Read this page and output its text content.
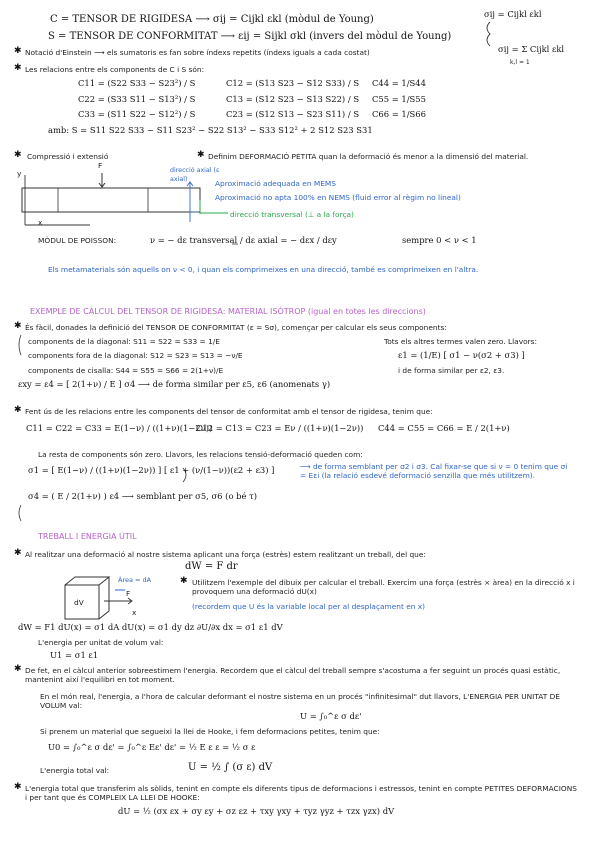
C = TENSOR DE RIGIDESA ⟶ σij = Cijkl εkl (mòdul de Young)
S = TENSOR DE CONFORMITAT ⟶ εij = Sijkl σkl (invers del mòdul de Young)
σij = Cijkl εkl
σij = Σ Cijkl εkl
k,l = 1
✱ Notació d'Einstein ⟶ els sumatoris es fan sobre índexs repetits (índexs iguals a cada costat)
✱ Les relacions entre els components de C i S són:
C11 = (S22 S33 − S23²) / S	C12 = (S13 S23 − S12 S33) / S C44 = 1/S44
C22 = (S33 S11 − S13²) / S	C13 = (S12 S23 − S13 S22) / S C55 = 1/S55
C33 = (S11 S22 − S12²) / S	C23 = (S12 S13 − S23 S11) / S C66 = 1/S66
amb: S = S11 S22 S33 − S11 S23² − S22 S13² − S33 S12² + 2 S12 S23 S31
✱ Compressió i extensió	✱ Definim DEFORMACIÓ PETITA quan la deformació és menor a la dimensió del material.
F
y
x
direcció axial (ε axial)	Aproximació adequada en MEMS
Aproximació no apta 100% en NEMS (fluid error al règim no lineal)
direcció transversal (⊥ a la força)
MÒDUL DE POISSON:	ν = − dε transversal / dε axial = − dεx / dεy	sempre 0 < ν < 1
Els metamaterials són aquells on ν < 0, i quan els comprimeixes en una direcció, també es comprimeixen en l'altra.
EXEMPLE DE CÀLCUL DEL TENSOR DE RIGIDESA: MATERIAL ISÒTROP (igual en totes les direccions)
✱ És fàcil, donades la definició del TENSOR DE CONFORMITAT (ε = Sσ), començar per calcular els seus components:
components de la diagonal: S11 = S22 = S33 = 1/E
components fora de la diagonal: S12 = S23 = S13 = −ν/E
components de cisalla: S44 = S55 = S66 = 2(1+ν)/E
Tots els altres termes valen zero. Llavors:
ε1 = (1/E) [ σ1 − ν(σ2 + σ3) ]
i de forma similar per ε2, ε3.
εxy = ε4 = [ 2(1+ν) / E ] σ4 ⟶ de forma similar per ε5, ε6 (anomenats γ)
✱ Fent ús de les relacions entre les components del tensor de conformitat amb el tensor de rigidesa, tenim que:
C11 = C22 = C33 = E(1−ν) / ((1+ν)(1−2ν))
C12 = C13 = C23 = Eν / ((1+ν)(1−2ν)) C44 = C55 = C66 = E / 2(1+ν)
La resta de components són zero. Llavors, les relacions tensió-deformació queden com:
σ1 = [ E(1−ν) / ((1+ν)(1−2ν)) ] [ ε1 + (ν/(1−ν))(ε2 + ε3) ]	⟶ de forma semblant per σ2 i σ3. Cal fixar-se que si ν = 0 tenim que σi = Eεi (la relació esdevé deformació senzilla que més utilitzem).
σ4 = ( E / 2(1+ν) ) ε4 ⟶ semblant per σ5, σ6 (o bé τ)
TREBALL I ENERGIA ÚTIL
✱ Al realitzar una deformació al nostre sistema aplicant una força (estrès) estem realitzant un treball, del que:
dW = F dr
Àrea = dA
dV
F
x
✱ Utilitzem l'exemple del dibuix per calcular el treball. Exercim una força (estrès × àrea) en la direcció x i provoquem una deformació dU(x)
(recordem que U és la variable local per al desplaçament en x)
dW = F1 dU(x) = σ1 dA dU(x) = σ1 dy dz ∂U/∂x dx = σ1 ε1 dV
L'energia per unitat de volum val:
U1 = σ1 ε1
✱ De fet, en el càlcul anterior sobreestimem l'energia. Recordem que el càlcul del treball sempre s'acostuma a fer seguint un procés quasi estàtic, mantenint així l'equilibri en tot moment.
En el món real, l'energia, a l'hora de calcular deformant el nostre sistema en un procés "infinitesimal" dut llavors, L'ENERGIA PER UNITAT DE VOLUM val:
U = ∫₀^ε σ dε'
Si prenem un material que segueixi la llei de Hooke, i fem deformacions petites, tenim que:
U0 = ∫₀^ε σ dε' = ∫₀^ε Eε' dε' = ½ E ε ε = ½ σ ε
L'energia total val:	U = ½ ∫ (σ ε) dV
✱ L'energia total que transferim als sòlids, tenint en compte els diferents tipus de deformacions i estressos, tenint en compte PETITES DEFORMACIONS i per tant que és COMPLEIX LA LLEI DE HOOKE:
dU = ½ (σx εx + σy εy + σz εz + τxy γxy + τyz γyz + τzx γzx) dV
